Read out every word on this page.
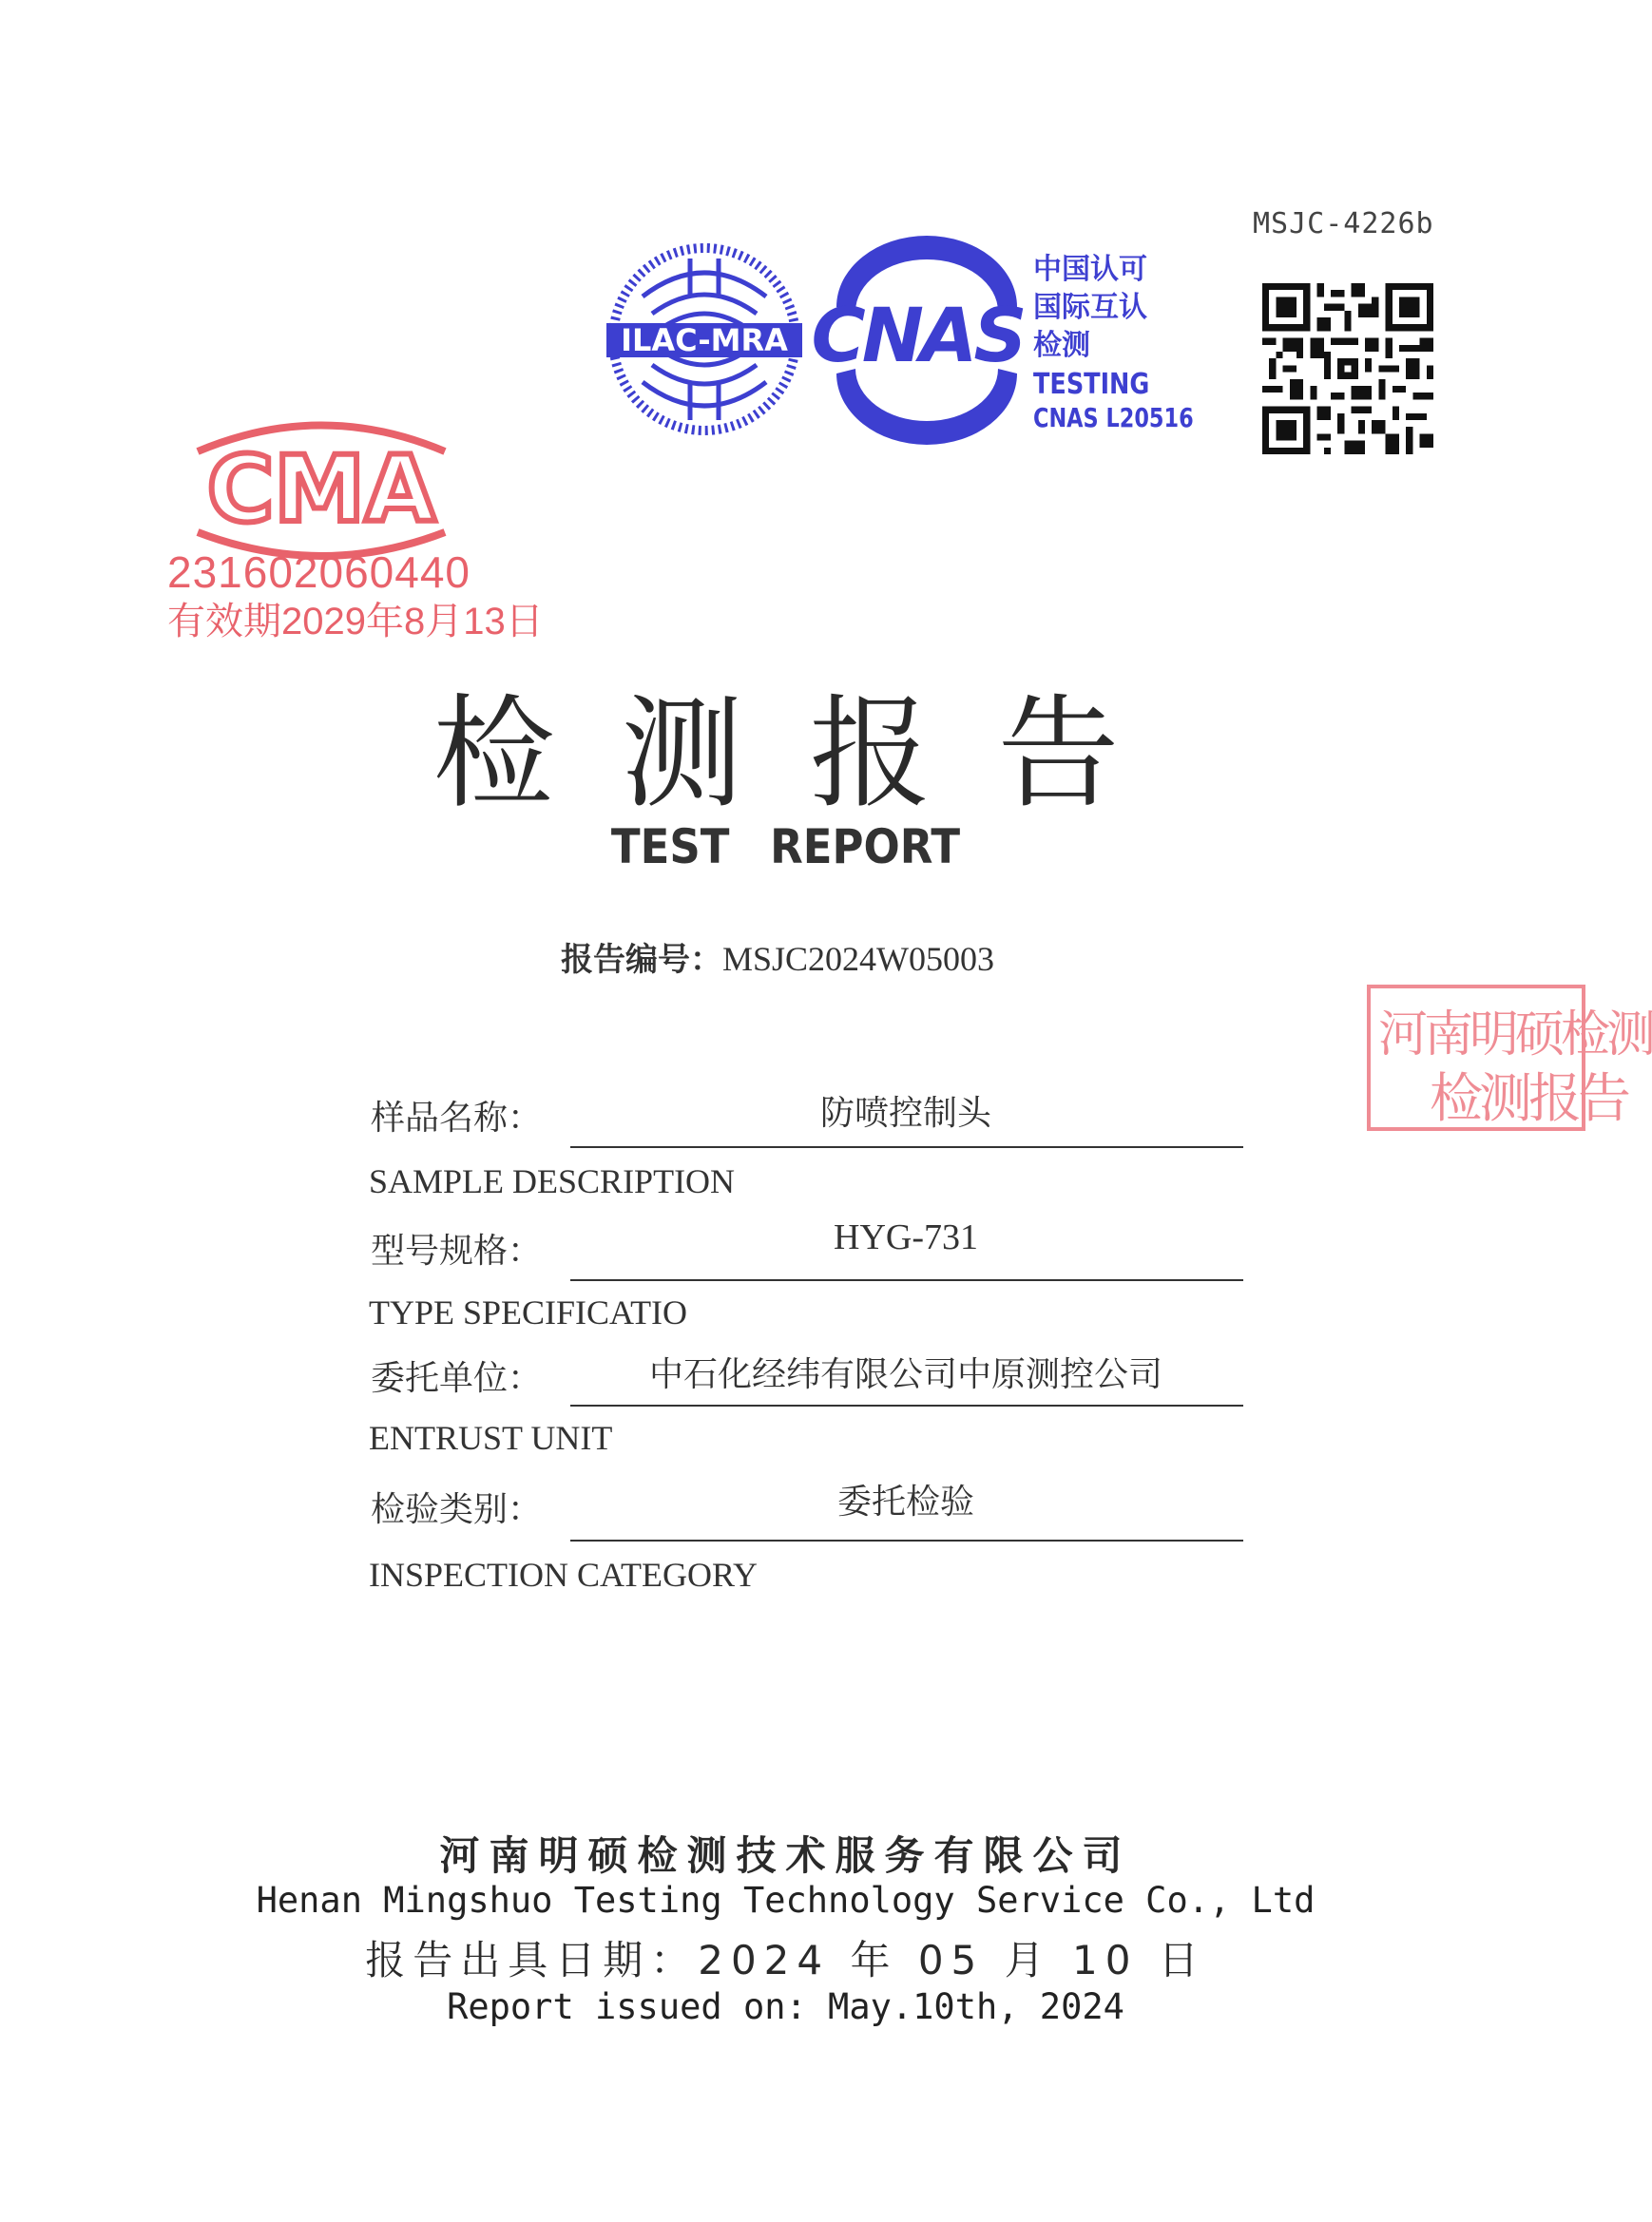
MSJC-4226b
CMA
231602060440
有效期2029年8月13日
ILAC-MRA CNAS
中国认可
国际互认
检测
TESTING
CNAS L20516
检测报告
TEST REPORT
报告编号：MSJC2024W05003
河南明硕检测
检测报告
样品名称：	防喷控制头
SAMPLE DESCRIPTION
型号规格：	HYG-731
TYPE SPECIFICATIO
委托单位：	中石化经纬有限公司中原测控公司
ENTRUST UNIT
检验类别：	委托检验
INSPECTION CATEGORY
河南明硕检测技术服务有限公司
Henan Mingshuo Testing Technology Service Co., Ltd
报告出具日期：2024 年 05 月 10 日
Report issued on: May.10th, 2024
